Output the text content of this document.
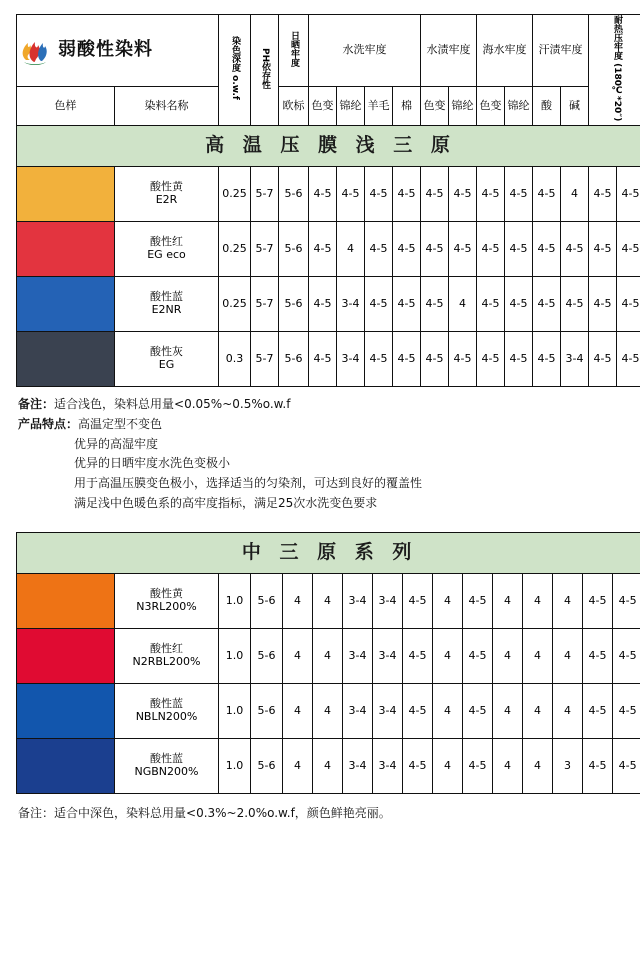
弱酸性染料		染色深度 o.w.f	PH依存性	日晒牢度	水洗牢度				水渍牢度		海水牢度		汗渍牢度		耐热压牢度 (180℃*20″)	
色样	染料名称			欧标	色变	锦纶	羊毛	棉	色变	锦纶	色变	锦纶	酸	碱		
高 温 压 膜 浅 三 原																

	酸性黄
E2R	0.25	5-7	5-6	4-5	4-5	4-5	4-5	4-5	4-5	4-5	4-5	4-5	4	4-5	4-5

	酸性红
EG eco	0.25	5-7	5-6	4-5	4	4-5	4-5	4-5	4-5	4-5	4-5	4-5	4-5	4-5	4-5

	酸性蓝
E2NR	0.25	5-7	5-6	4-5	3-4	4-5	4-5	4-5	4	4-5	4-5	4-5	4-5	4-5	4-5

	酸性灰
EG	0.3	5-7	5-6	4-5	3-4	4-5	4-5	4-5	4-5	4-5	4-5	4-5	3-4	4-5	4-5
备注：适合浅色，染料总用量<0.05%~0.5%o.w.f
产品特点：高温定型不变色
优异的高湿牢度
优异的日晒牢度水洗色变极小
用于高温压膜变色极小，选择适当的匀染剂，可达到良好的覆盖性
满足浅中色暖色系的高牢度指标，满足25次水洗变色要求
中 三 原 系 列															

	酸性黄
N3RL200%	1.0	5-6	4	4	3-4	3-4	4-5	4	4-5	4	4	4	4-5	4-5

	酸性红
N2RBL200%	1.0	5-6	4	4	3-4	3-4	4-5	4	4-5	4	4	4	4-5	4-5

	酸性蓝
NBLN200%	1.0	5-6	4	4	3-4	3-4	4-5	4	4-5	4	4	4	4-5	4-5

	酸性蓝
NGBN200%	1.0	5-6	4	4	3-4	3-4	4-5	4	4-5	4	4	3	4-5	4-5
备注：适合中深色，染料总用量<0.3%~2.0%o.w.f，颜色鲜艳亮丽。
